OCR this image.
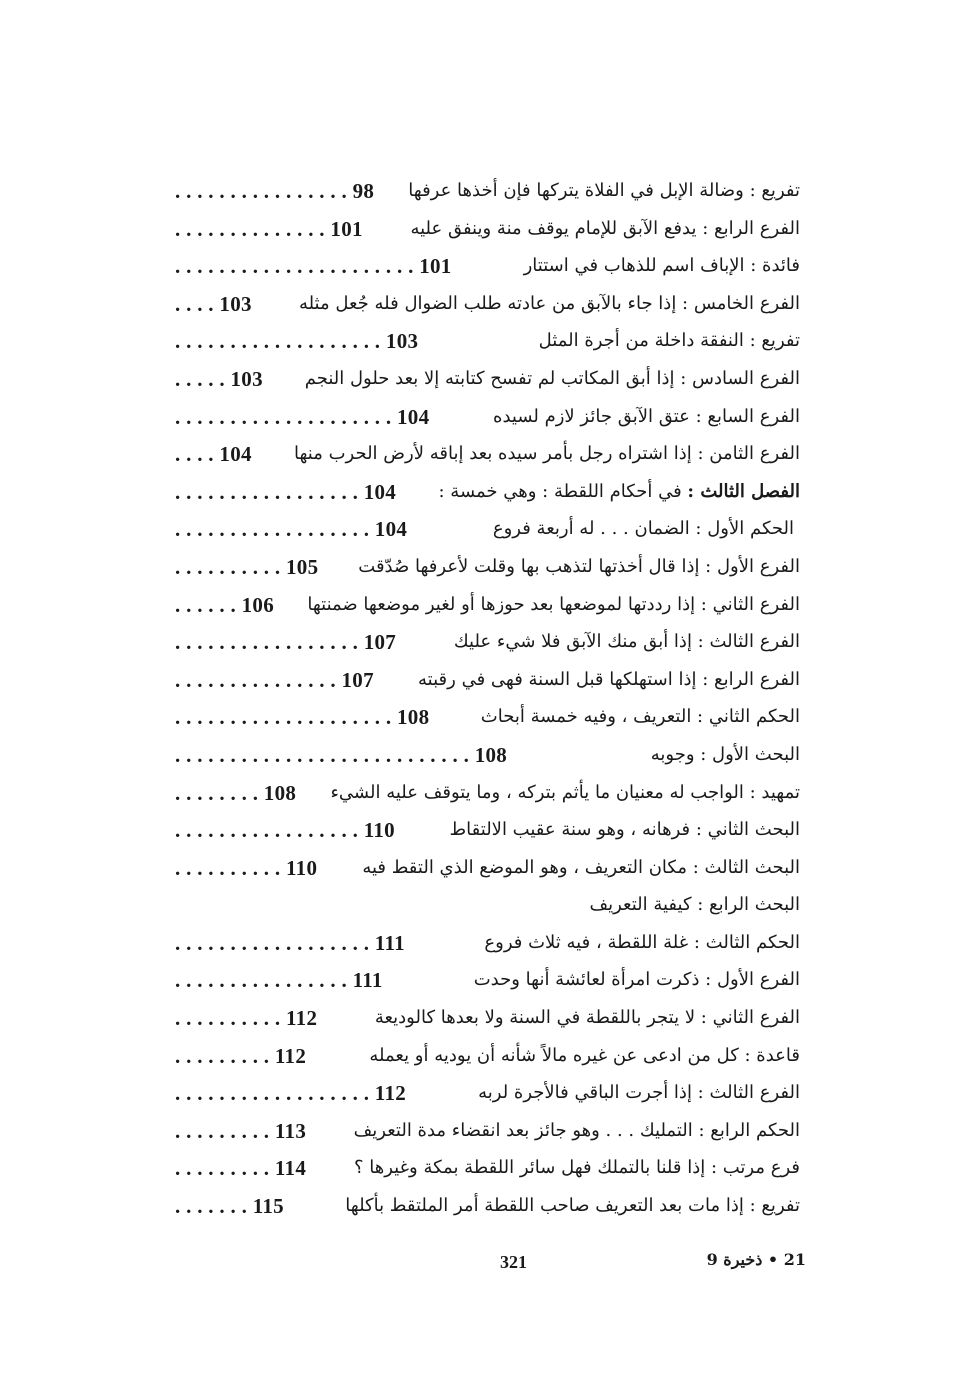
تفريع : وضالة الإبل في الفلاة يتركها فإن أخذها عرفها
. . . . . . . . . . . . . . . . 98
الفرع الرابع : يدفع الآبق للإمام يوقف منة وينفق عليه
. . . . . . . . . . . . . . 101
فائدة : الإباف اسم للذهاب في استتار
. . . . . . . . . . . . . . . . . . . . . . 101
الفرع الخامس : إذا جاء بالآبق من عادته طلب الضوال فله جُعل مثله
. . . . 103
تفريع : النفقة داخلة من أجرة المثل
. . . . . . . . . . . . . . . . . . . 103
الفرع السادس : إذا أبق المكاتب لم تفسح كتابته إلا بعد حلول النجم
. . . . . 103
الفرع السابع : عتق الآبق جائز لازم لسيده
. . . . . . . . . . . . . . . . . . . . 104
الفرع الثامن : إذا اشتراه رجل بأمر سيده بعد إباقه لأرض الحرب منها
. . . . 104
الفصل الثالث : في أحكام اللقطة : وهي خمسة :
. . . . . . . . . . . . . . . . . 104
الحكم الأول : الضمان . . . له أربعة فروع
. . . . . . . . . . . . . . . . . . 104
الفرع الأول : إذا قال أخذتها لتذهب بها وقلت لأعرفها صُدّقت
. . . . . . . . . . 105
الفرع الثاني : إذا رددتها لموضعها بعد حوزها أو لغير موضعها ضمنتها
. . . . . . 106
الفرع الثالث : إذا أبق منك الآبق فلا شيء عليك
. . . . . . . . . . . . . . . . . 107
الفرع الرابع : إذا استهلكها قبل السنة فهى في رقبته
. . . . . . . . . . . . . . . 107
الحكم الثاني : التعريف ، وفيه خمسة أبحاث
. . . . . . . . . . . . . . . . . . . . 108
البحث الأول : وجوبه
. . . . . . . . . . . . . . . . . . . . . . . . . . . 108
تمهيد : الواجب له معنيان ما يأثم بتركه ، وما يتوقف عليه الشيء
. . . . . . . . 108
البحث الثاني : فرهانه ، وهو سنة عقيب الالتقاط
. . . . . . . . . . . . . . . . . 110
البحث الثالث : مكان التعريف ، وهو الموضع الذي التقط فيه
. . . . . . . . . . 110
البحث الرابع : كيفية التعريف
الحكم الثالث : غلة اللقطة ، فيه ثلاث فروع
. . . . . . . . . . . . . . . . . . 111
الفرع الأول : ذكرت امرأة لعائشة أنها وحدت
. . . . . . . . . . . . . . . . 111
الفرع الثاني : لا يتجر باللقطة في السنة ولا بعدها كالوديعة
. . . . . . . . . . 112
قاعدة : كل من ادعى عن غيره مالاً شأنه أن يوديه أو يعمله
. . . . . . . . . 112
الفرع الثالث : إذا أجرت الباقي فالأجرة لربه
. . . . . . . . . . . . . . . . . . 112
الحكم الرابع : التمليك . . . وهو جائز بعد انقضاء مدة التعريف
. . . . . . . . . 113
فرع مرتب : إذا قلنا بالتملك فهل سائر اللقطة بمكة وغيرها ؟
. . . . . . . . . 114
تفريع : إذا مات بعد التعريف صاحب اللقطة أمر الملتقط بأكلها
. . . . . . . 115
321	21 • ذخيرة 9
